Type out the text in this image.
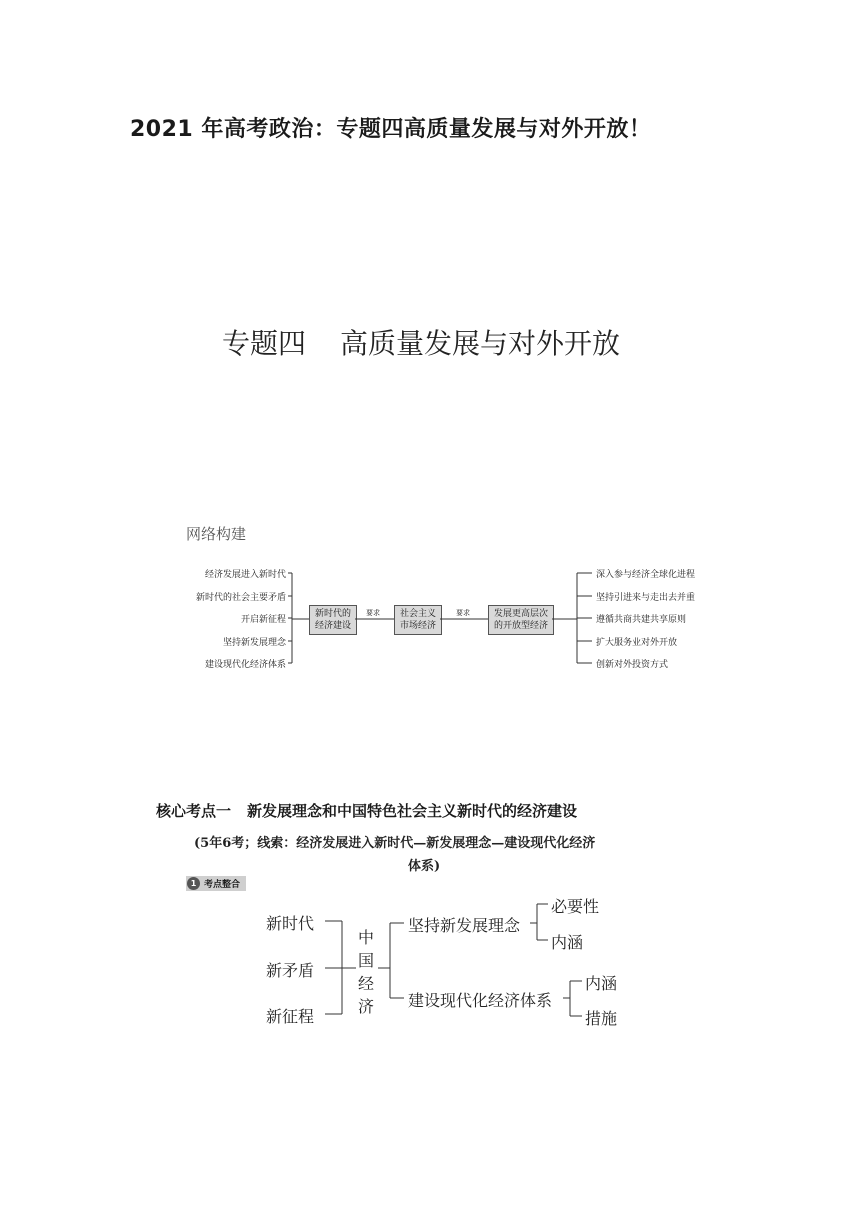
2021 年高考政治：专题四高质量发展与对外开放！
专题四 高质量发展与对外开放
网络构建
经济发展进入新时代
新时代的社会主要矛盾
开启新征程
坚持新发展理念
建设现代化经济体系
新时代的
经济建设
社会主义
市场经济
发展更高层次
的开放型经济
要求	要求
深入参与经济全球化进程
坚持引进来与走出去并重
遵循共商共建共享原则
扩大服务业对外开放
创新对外投资方式
核心考点一 新发展理念和中国特色社会主义新时代的经济建设
(5年6考；线索：经济发展进入新时代—新发展理念—建设现代化经济
体系)
1 考点整合
新时代
新矛盾
新征程
中
国
经
济
坚持新发展理念
必要性
内涵
建设现代化经济体系
内涵
措施
